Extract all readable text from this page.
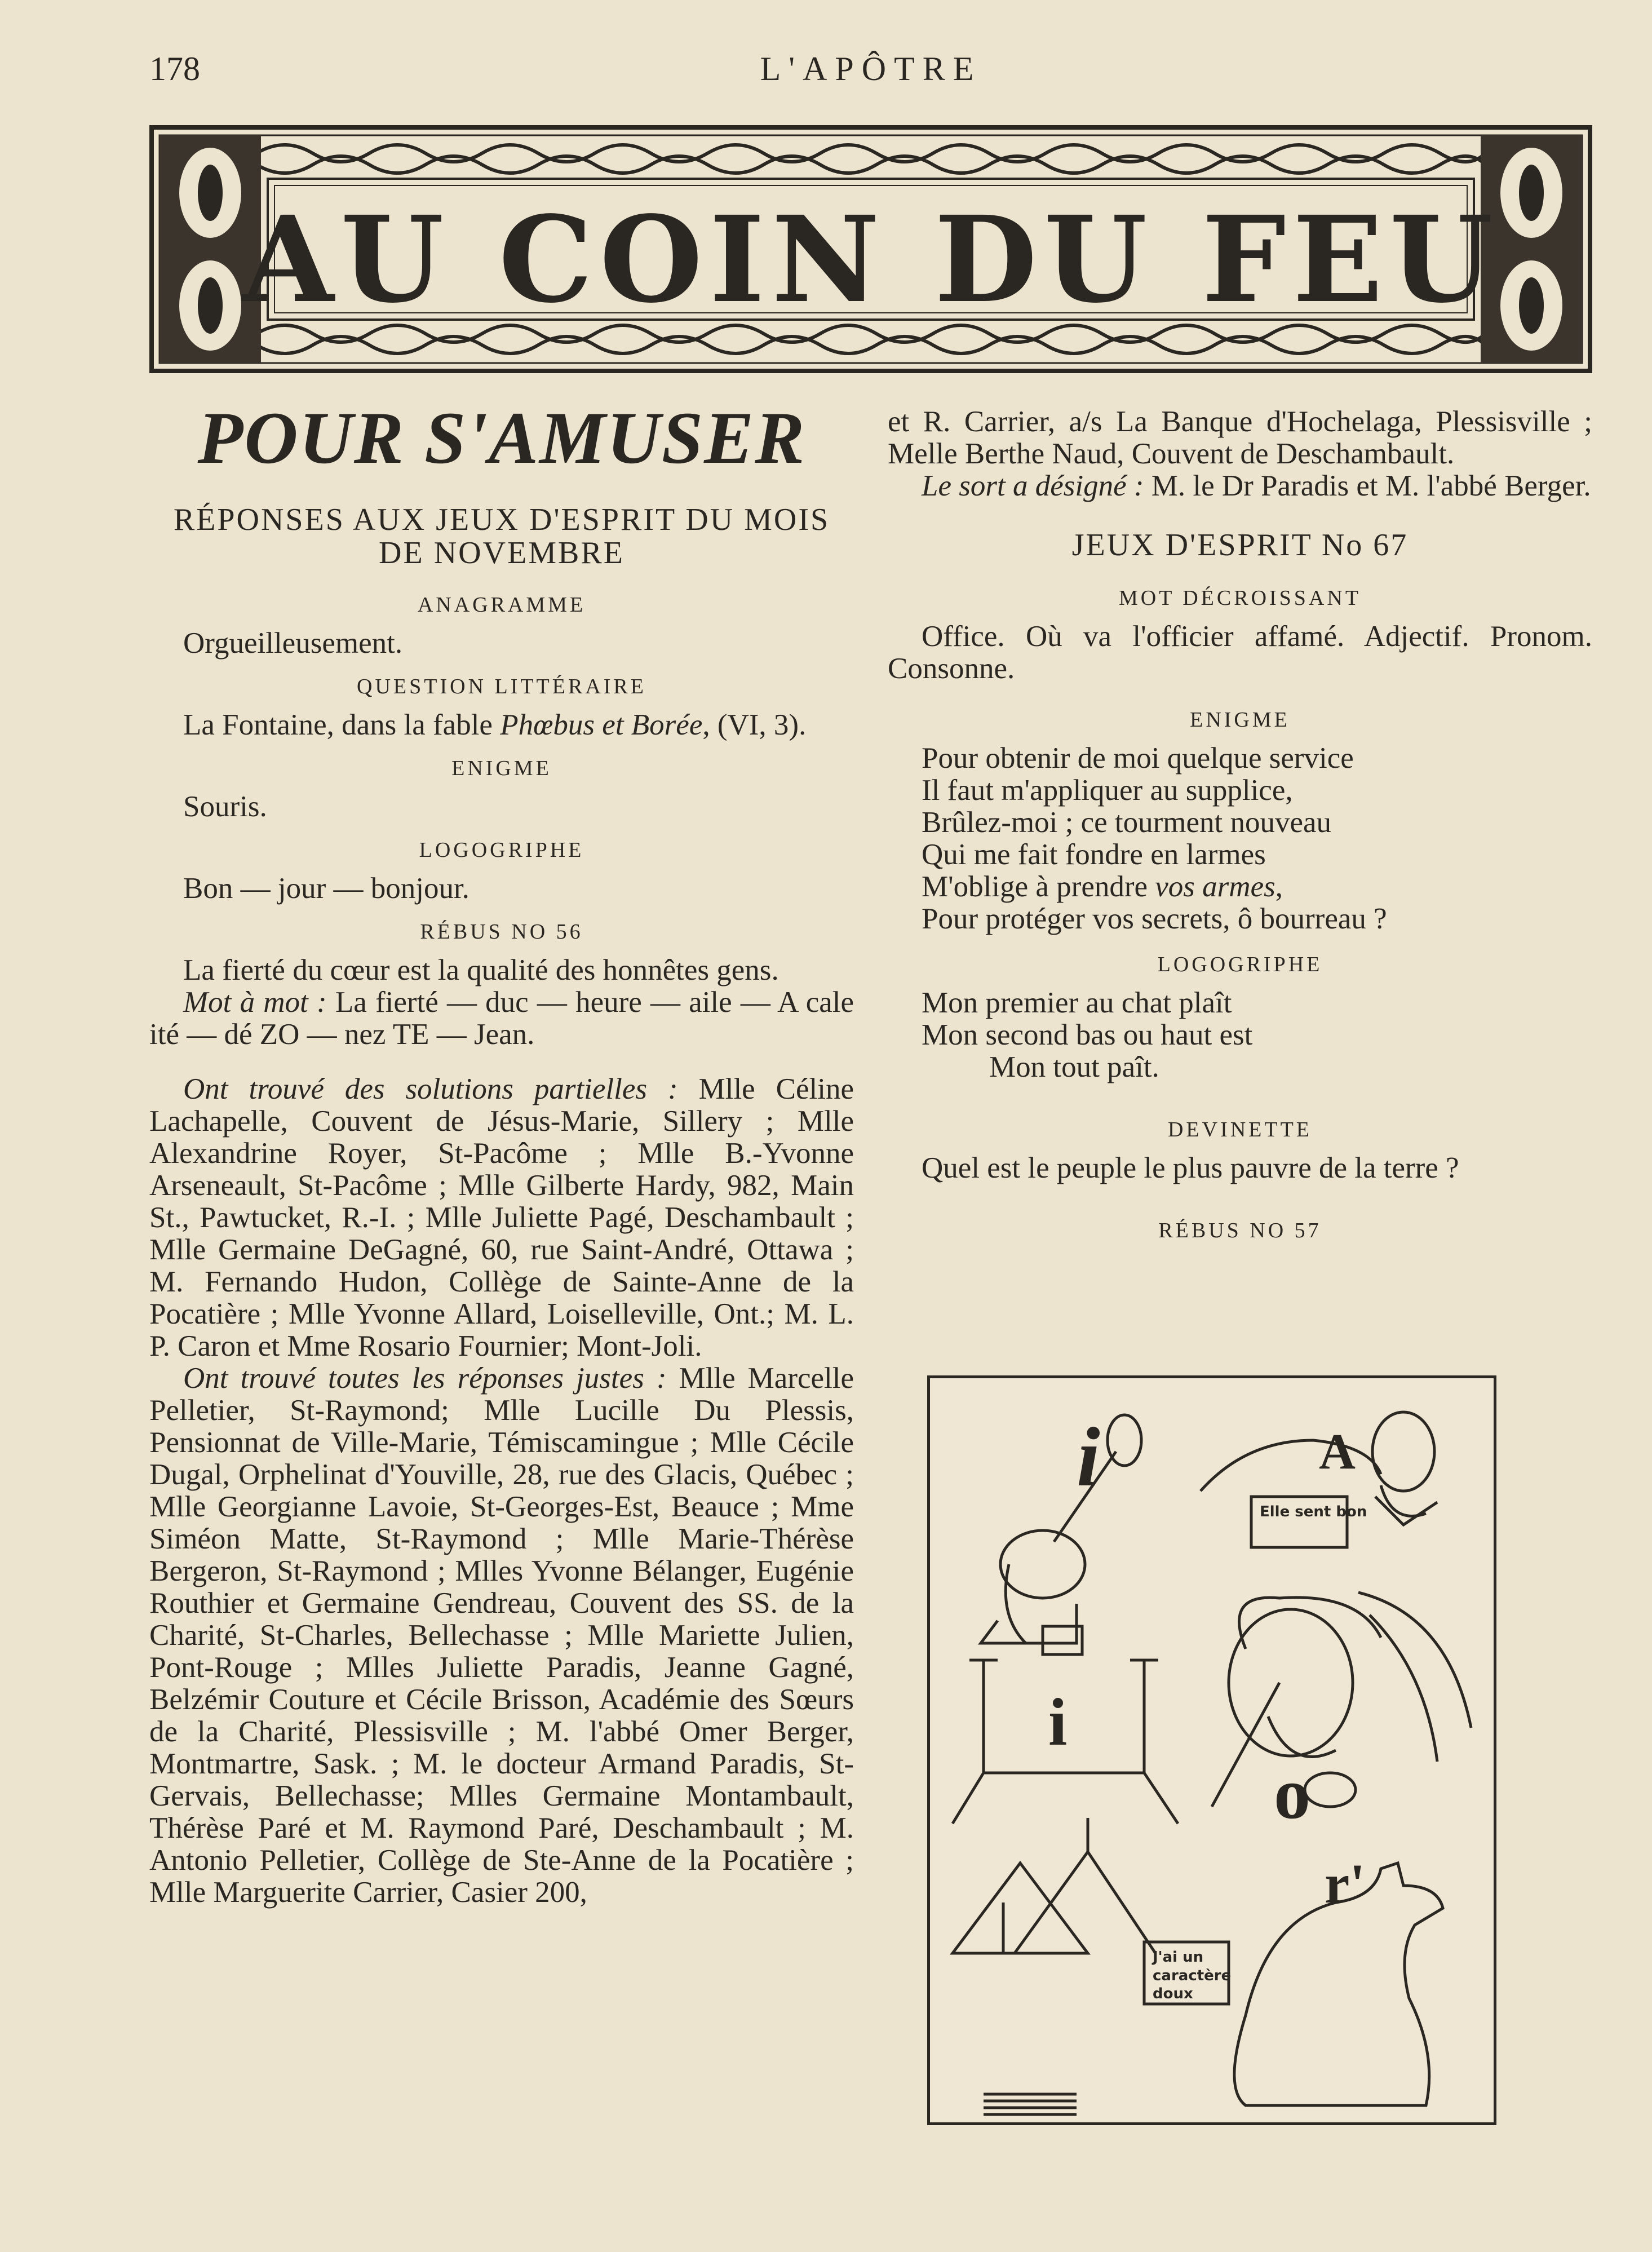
178	L'APÔTRE
AU COIN DU FEU
POUR S'AMUSER
RÉPONSES AUX JEUX D'ESPRIT DU MOIS DE NOVEMBRE
ANAGRAMME

Orgueilleusement.

QUESTION LITTÉRAIRE

La Fontaine, dans la fable Phœbus et Borée, (VI, 3).

ENIGME

Souris.

LOGOGRIPHE

Bon — jour — bonjour.

RÉBUS NO 56

La fierté du cœur est la qualité des honnêtes gens.

Mot à mot : La fierté — duc — heure — aile — A cale ité — dé ZO — nez TE — Jean.

Ont trouvé des solutions partielles : Mlle Céline Lachapelle, Couvent de Jésus-Marie, Sillery ; Mlle Alexandrine Royer, St-Pacôme ; Mlle B.-Yvonne Arseneault, St-Pacôme ; Mlle Gilberte Hardy, 982, Main St., Pawtucket, R.-I. ; Mlle Juliette Pagé, Deschambault ; Mlle Germaine DeGagné, 60, rue Saint-André, Ottawa ; M. Fernando Hudon, Collège de Sainte-Anne de la Pocatière ; Mlle Yvonne Allard, Loiselleville, Ont.; M. L. P. Caron et Mme Rosario Fournier; Mont-Joli.

Ont trouvé toutes les réponses justes : Mlle Marcelle Pelletier, St-Raymond; Mlle Lucille Du Plessis, Pensionnat de Ville-Marie, Témiscamingue ; Mlle Cécile Dugal, Orphelinat d'Youville, 28, rue des Glacis, Québec ; Mlle Georgianne Lavoie, St-Georges-Est, Beauce ; Mme Siméon Matte, St-Raymond ; Mlle Marie-Thérèse Bergeron, St-Raymond ; Mlles Yvonne Bélanger, Eugénie Routhier et Germaine Gendreau, Couvent des SS. de la Charité, St-Charles, Bellechasse ; Mlle Mariette Julien, Pont-Rouge ; Mlles Juliette Paradis, Jeanne Gagné, Belzémir Couture et Cécile Brisson, Académie des Sœurs de la Charité, Plessisville ; M. l'abbé Omer Berger, Montmartre, Sask. ; M. le docteur Armand Paradis, St-Gervais, Bellechasse; Mlles Germaine Montambault, Thérèse Paré et M. Raymond Paré, Deschambault ; M. Antonio Pelletier, Collège de Ste-Anne de la Pocatière ; Mlle Marguerite Carrier, Casier 200,

et R. Carrier, a/s La Banque d'Hochelaga, Plessisville ; Melle Berthe Naud, Couvent de Deschambault.

Le sort a désigné : M. le Dr Paradis et M. l'abbé Berger.

JEUX D'ESPRIT No 67
MOT DÉCROISSANT

Office. Où va l'officier affamé. Adjectif. Pronom. Consonne.

ENIGME
Pour obtenir de moi quelque service
Il faut m'appliquer au supplice,
Brûlez-moi ; ce tourment nouveau
Qui me fait fondre en larmes
M'oblige à prendre vos armes,
Pour protéger vos secrets, ô bourreau ?
LOGOGRIPHE
Mon premier au chat plaît
Mon second bas ou haut est
Mon tout paît.
DEVINETTE

Quel est le peuple le plus pauvre de la terre ?

RÉBUS NO 57
A
i
i
o
r'
Elle sent bon
J'ai un
caractère
doux
